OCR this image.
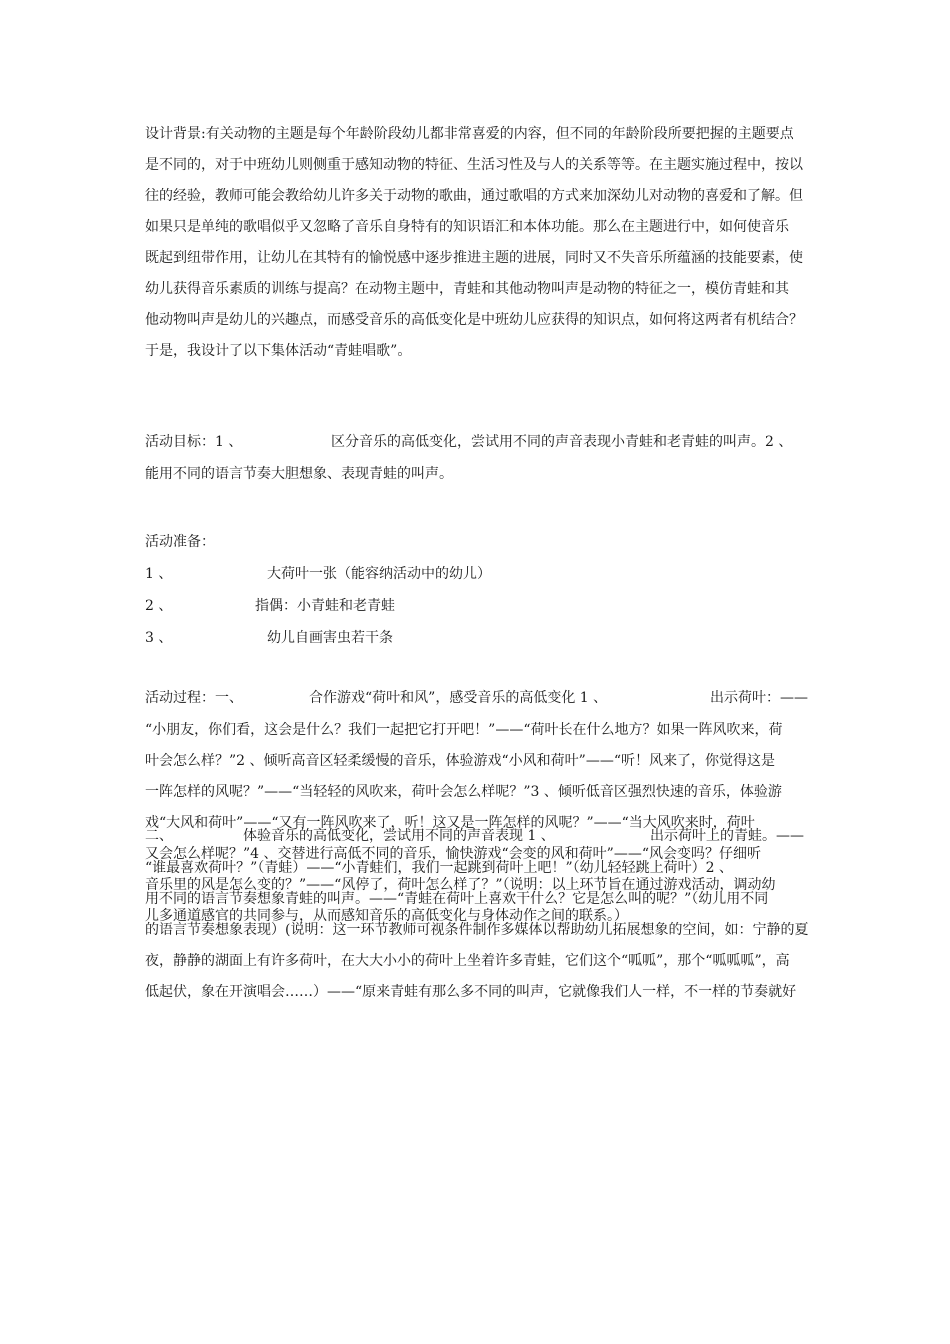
设计背景:有关动物的主题是每个年龄阶段幼儿都非常喜爱的内容，但不同的年龄阶段所要把握的主题要点
是不同的，对于中班幼儿则侧重于感知动物的特征、生活习性及与人的关系等等。在主题实施过程中，按以
往的经验，教师可能会教给幼儿许多关于动物的歌曲，通过歌唱的方式来加深幼儿对动物的喜爱和了解。但
如果只是单纯的歌唱似乎又忽略了音乐自身特有的知识语汇和本体功能。那么在主题进行中，如何使音乐
既起到纽带作用，让幼儿在其特有的愉悦感中逐步推进主题的进展，同时又不失音乐所蕴涵的技能要素，使
幼儿获得音乐素质的训练与提高？在动物主题中，青蛙和其他动物叫声是动物的特征之一，模仿青蛙和其
他动物叫声是幼儿的兴趣点，而感受音乐的高低变化是中班幼儿应获得的知识点，如何将这两者有机结合？
于是，我设计了以下集体活动“青蛙唱歌”。
活动目标：1 、	区分音乐的高低变化，尝试用不同的声音表现小青蛙和老青蛙的叫声。2 、
能用不同的语言节奏大胆想象、表现青蛙的叫声。
活动准备：
1 、	大荷叶一张（能容纳活动中的幼儿）
2 、	指偶：小青蛙和老青蛙
3 、	幼儿自画害虫若干条
活动过程：一、	合作游戏“荷叶和风”，感受音乐的高低变化 1 、	出示荷叶：——
“小朋友，你们看，这会是什么？我们一起把它打开吧！”——“荷叶长在什么地方？如果一阵风吹来，荷
叶会怎么样？”2 、倾听高音区轻柔缓慢的音乐，体验游戏“小风和荷叶”——“听！风来了，你觉得这是
一阵怎样的风呢？”——“当轻轻的风吹来，荷叶会怎么样呢？”3 、倾听低音区强烈快速的音乐，体验游
戏“大风和荷叶”——“又有一阵风吹来了，听！这又是一阵怎样的风呢？”——“当大风吹来时，荷叶
又会怎么样呢？”4 、交替进行高低不同的音乐，愉快游戏“会变的风和荷叶”——“风会变吗？仔细听
音乐里的风是怎么变的？”——“风停了，荷叶怎么样了？”（说明：以上环节旨在通过游戏活动，调动幼
儿多通道感官的共同参与，从而感知音乐的高低变化与身体动作之间的联系。）
二、	体验音乐的高低变化，尝试用不同的声音表现 1 、	出示荷叶上的青蛙。——
“谁最喜欢荷叶？”（青蛙）——“小青蛙们，我们一起跳到荷叶上吧！”（幼儿轻轻跳上荷叶）2 、
用不同的语言节奏想象青蛙的叫声。——“青蛙在荷叶上喜欢干什么？它是怎么叫的呢？”（幼儿用不同
的语言节奏想象表现）(说明：这一环节教师可视条件制作多媒体以帮助幼儿拓展想象的空间，如：宁静的夏
夜，静静的湖面上有许多荷叶，在大大小小的荷叶上坐着许多青蛙，它们这个“呱呱”，那个“呱呱呱”，高
低起伏，象在开演唱会……）——“原来青蛙有那么多不同的叫声，它就像我们人一样，不一样的节奏就好
